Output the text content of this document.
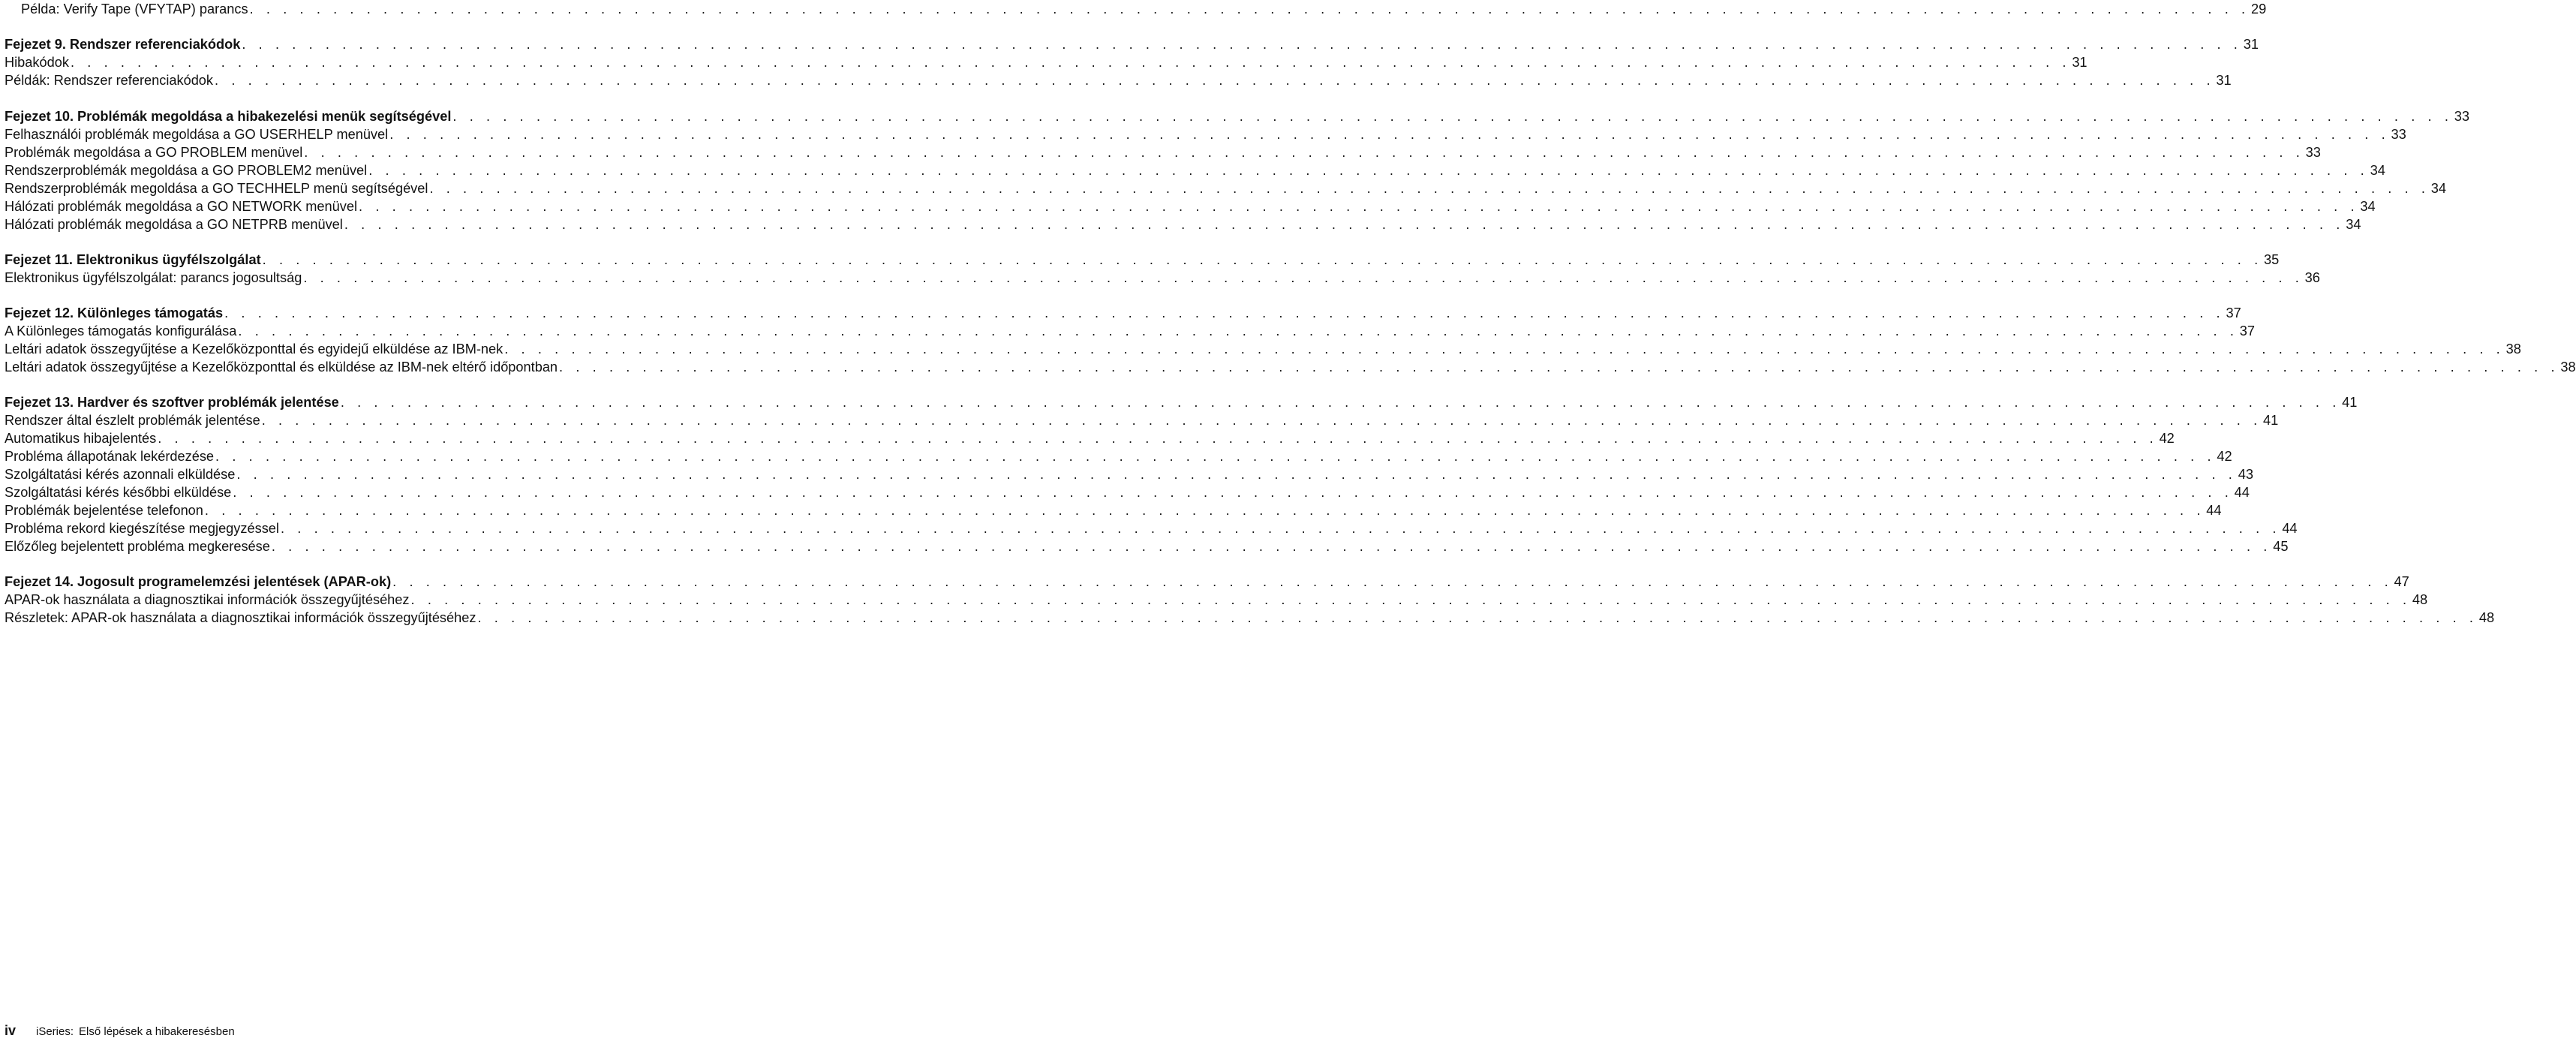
Példa: Verify Tape (VFYTAP) parancs . . . . . . . . . . . . . . . . . . . . . . . . . . . . . . . . . . . . . . . . . . . . . . . . . . . . . . . . . . . . . . . . . . . . . . . . . . . . . . . . . . . . . . . . . . . . . . . . . . . . . . . . . . . . . . . . . . . . . . . . 29
Fejezet 9. Rendszer referenciakódok . . . . . . . . . . . . . . . . . . . . . . . . . . . . . . . . . . . . . . . . . . . . . . . . . . . . . . . . . . . . . . . . . . . . . . . . . . . . . . . . . . . . . . . . . . . . . . . . . . . . . . . . . . . . . . . . . . . . . . . . 31
Hibakódok . . . . . . . . . . . . . . . . . . . . . . . . . . . . . . . . . . . . . . . . . . . . . . . . . . . . . . . . . . . . . . . . . . . . . . . . . . . . . . . . . . . . . . . . . . . . . . . . . . . . . . . . . . . . . . . . . . . . . . . . 31
Példák: Rendszer referenciakódok . . . . . . . . . . . . . . . . . . . . . . . . . . . . . . . . . . . . . . . . . . . . . . . . . . . . . . . . . . . . . . . . . . . . . . . . . . . . . . . . . . . . . . . . . . . . . . . . . . . . . . . . . . . . . . . . . . . . . . . . 31
Fejezet 10. Problémák megoldása a hibakezelési menük segítségével . . . . . . . . . . . . . . . . . . . . . . . . . . . . . . . . . . . . . . . . . . . . . . . . . . . . . . . . . . . . . . . . . . . . . . . . . . . . . . . . . . . . . . . . . . . . . . . . . . . . . . . . . . . . . . . . . . . . . . . . 33
Felhasználói problémák megoldása a GO USERHELP menüvel . . . . . . . . . . . . . . . . . . . . . . . . . . . . . . . . . . . . . . . . . . . . . . . . . . . . . . . . . . . . . . . . . . . . . . . . . . . . . . . . . . . . . . . . . . . . . . . . . . . . . . . . . . . . . . . . . . . . . . . . 33
Problémák megoldása a GO PROBLEM menüvel . . . . . . . . . . . . . . . . . . . . . . . . . . . . . . . . . . . . . . . . . . . . . . . . . . . . . . . . . . . . . . . . . . . . . . . . . . . . . . . . . . . . . . . . . . . . . . . . . . . . . . . . . . . . . . . . . . . . . . . . 33
Rendszerproblémák megoldása a GO PROBLEM2 menüvel . . . . . . . . . . . . . . . . . . . . . . . . . . . . . . . . . . . . . . . . . . . . . . . . . . . . . . . . . . . . . . . . . . . . . . . . . . . . . . . . . . . . . . . . . . . . . . . . . . . . . . . . . . . . . . . . . . . . . . . . 34
Rendszerproblémák megoldása a GO TECHHELP menü segítségével . . . . . . . . . . . . . . . . . . . . . . . . . . . . . . . . . . . . . . . . . . . . . . . . . . . . . . . . . . . . . . . . . . . . . . . . . . . . . . . . . . . . . . . . . . . . . . . . . . . . . . . . . . . . . . . . . . . . . . . . 34
Hálózati problémák megoldása a GO NETWORK menüvel . . . . . . . . . . . . . . . . . . . . . . . . . . . . . . . . . . . . . . . . . . . . . . . . . . . . . . . . . . . . . . . . . . . . . . . . . . . . . . . . . . . . . . . . . . . . . . . . . . . . . . . . . . . . . . . . . . . . . . . . 34
Hálózati problémák megoldása a GO NETPRB menüvel . . . . . . . . . . . . . . . . . . . . . . . . . . . . . . . . . . . . . . . . . . . . . . . . . . . . . . . . . . . . . . . . . . . . . . . . . . . . . . . . . . . . . . . . . . . . . . . . . . . . . . . . . . . . . . . . . . . . . . . . 34
Fejezet 11. Elektronikus ügyfélszolgálat . . . . . . . . . . . . . . . . . . . . . . . . . . . . . . . . . . . . . . . . . . . . . . . . . . . . . . . . . . . . . . . . . . . . . . . . . . . . . . . . . . . . . . . . . . . . . . . . . . . . . . . . . . . . . . . . . . . . . . . . 35
Elektronikus ügyfélszolgálat: parancs jogosultság . . . . . . . . . . . . . . . . . . . . . . . . . . . . . . . . . . . . . . . . . . . . . . . . . . . . . . . . . . . . . . . . . . . . . . . . . . . . . . . . . . . . . . . . . . . . . . . . . . . . . . . . . . . . . . . . . . . . . . . . 36
Fejezet 12. Különleges támogatás . . . . . . . . . . . . . . . . . . . . . . . . . . . . . . . . . . . . . . . . . . . . . . . . . . . . . . . . . . . . . . . . . . . . . . . . . . . . . . . . . . . . . . . . . . . . . . . . . . . . . . . . . . . . . . . . . . . . . . . . 37
A Különleges támogatás konfigurálása . . . . . . . . . . . . . . . . . . . . . . . . . . . . . . . . . . . . . . . . . . . . . . . . . . . . . . . . . . . . . . . . . . . . . . . . . . . . . . . . . . . . . . . . . . . . . . . . . . . . . . . . . . . . . . . . . . . . . . . . 37
Leltári adatok összegyűjtése a Kezelőközponttal és egyidejű elküldése az IBM-nek . . . . . . . . . . . . . . . . . . . . . . . . . . . . . . . . . . . . . . . . . . . . . . . . . . . . . . . . . . . . . . . . . . . . . . . . . . . . . . . . . . . . . . . . . . . . . . . . . . . . . . . . . . . . . . . . . . . . . . . . 38
Leltári adatok összegyűjtése a Kezelőközponttal és elküldése az IBM-nek eltérő időpontban . . . . . . . . . . . . . . . . . . . . . . . . . . . . . . . . . . . . . . . . . . . . . . . . . . . . . . . . . . . . . . . . . . . . . . . . . . . . . . . . . . . . . . . . . . . . . . . . . . . . . . . . . . . . . . . . . . . . . . . . 38
Fejezet 13. Hardver és szoftver problémák jelentése . . . . . . . . . . . . . . . . . . . . . . . . . . . . . . . . . . . . . . . . . . . . . . . . . . . . . . . . . . . . . . . . . . . . . . . . . . . . . . . . . . . . . . . . . . . . . . . . . . . . . . . . . . . . . . . . . . . . . . . . 41
Rendszer által észlelt problémák jelentése . . . . . . . . . . . . . . . . . . . . . . . . . . . . . . . . . . . . . . . . . . . . . . . . . . . . . . . . . . . . . . . . . . . . . . . . . . . . . . . . . . . . . . . . . . . . . . . . . . . . . . . . . . . . . . . . . . . . . . . . 41
Automatikus hibajelentés . . . . . . . . . . . . . . . . . . . . . . . . . . . . . . . . . . . . . . . . . . . . . . . . . . . . . . . . . . . . . . . . . . . . . . . . . . . . . . . . . . . . . . . . . . . . . . . . . . . . . . . . . . . . . . . . . . . . . . . . 42
Probléma állapotának lekérdezése . . . . . . . . . . . . . . . . . . . . . . . . . . . . . . . . . . . . . . . . . . . . . . . . . . . . . . . . . . . . . . . . . . . . . . . . . . . . . . . . . . . . . . . . . . . . . . . . . . . . . . . . . . . . . . . . . . . . . . . . 42
Szolgáltatási kérés azonnali elküldése . . . . . . . . . . . . . . . . . . . . . . . . . . . . . . . . . . . . . . . . . . . . . . . . . . . . . . . . . . . . . . . . . . . . . . . . . . . . . . . . . . . . . . . . . . . . . . . . . . . . . . . . . . . . . . . . . . . . . . . . 43
Szolgáltatási kérés későbbi elküldése . . . . . . . . . . . . . . . . . . . . . . . . . . . . . . . . . . . . . . . . . . . . . . . . . . . . . . . . . . . . . . . . . . . . . . . . . . . . . . . . . . . . . . . . . . . . . . . . . . . . . . . . . . . . . . . . . . . . . . . . 44
Problémák bejelentése telefonon . . . . . . . . . . . . . . . . . . . . . . . . . . . . . . . . . . . . . . . . . . . . . . . . . . . . . . . . . . . . . . . . . . . . . . . . . . . . . . . . . . . . . . . . . . . . . . . . . . . . . . . . . . . . . . . . . . . . . . . . 44
Probléma rekord kiegészítése megjegyzéssel . . . . . . . . . . . . . . . . . . . . . . . . . . . . . . . . . . . . . . . . . . . . . . . . . . . . . . . . . . . . . . . . . . . . . . . . . . . . . . . . . . . . . . . . . . . . . . . . . . . . . . . . . . . . . . . . . . . . . . . . 44
Előzőleg bejelentett probléma megkeresése . . . . . . . . . . . . . . . . . . . . . . . . . . . . . . . . . . . . . . . . . . . . . . . . . . . . . . . . . . . . . . . . . . . . . . . . . . . . . . . . . . . . . . . . . . . . . . . . . . . . . . . . . . . . . . . . . . . . . . . . 45
Fejezet 14. Jogosult programelemzési jelentések (APAR-ok) . . . . . . . . . . . . . . . . . . . . . . . . . . . . . . . . . . . . . . . . . . . . . . . . . . . . . . . . . . . . . . . . . . . . . . . . . . . . . . . . . . . . . . . . . . . . . . . . . . . . . . . . . . . . . . . . . . . . . . . . 47
APAR-ok használata a diagnosztikai információk összegyűjtéséhez . . . . . . . . . . . . . . . . . . . . . . . . . . . . . . . . . . . . . . . . . . . . . . . . . . . . . . . . . . . . . . . . . . . . . . . . . . . . . . . . . . . . . . . . . . . . . . . . . . . . . . . . . . . . . . . . . . . . . . . . 48
Részletek: APAR-ok használata a diagnosztikai információk összegyűjtéséhez . . . . . . . . . . . . . . . . . . . . . . . . . . . . . . . . . . . . . . . . . . . . . . . . . . . . . . . . . . . . . . . . . . . . . . . . . . . . . . . . . . . . . . . . . . . . . . . . . . . . . . . . . . . . . . . . . . . . . . . . 48
iv	iSeries: Első lépések a hibakeresésben
